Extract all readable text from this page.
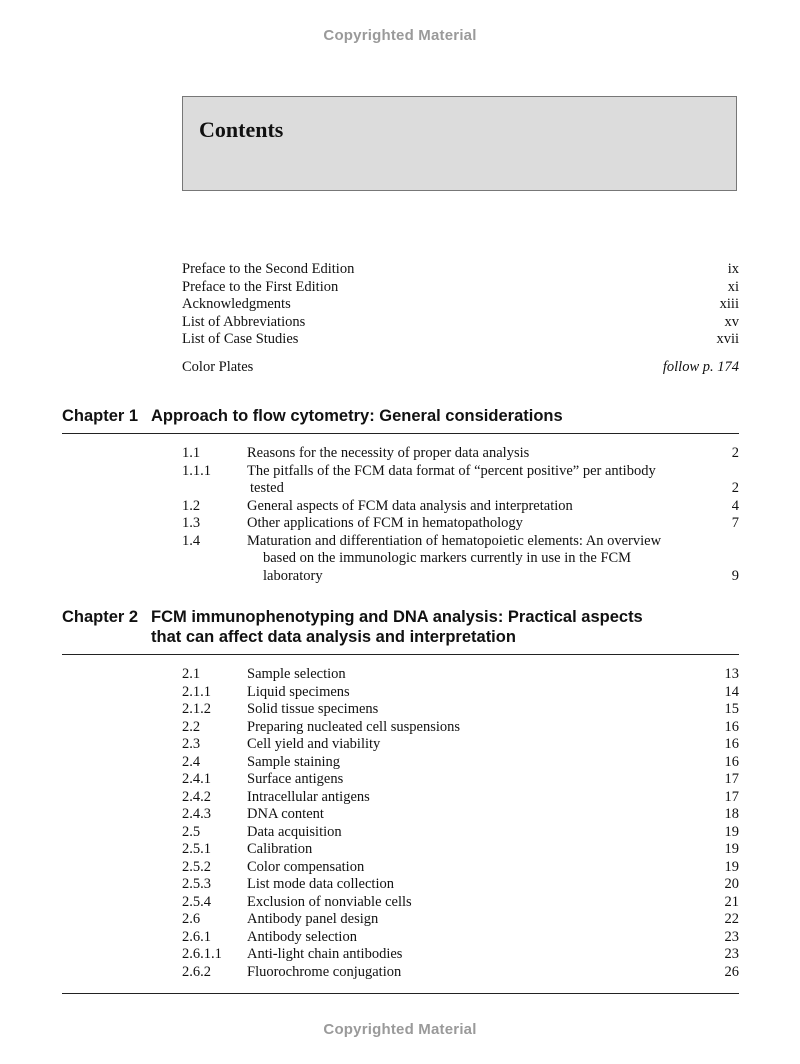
Copyrighted Material
Contents
Preface to the Second Edition	ix
Preface to the First Edition	xi
Acknowledgments	xiii
List of Abbreviations	xv
List of Case Studies	xvii
Color Plates	follow p. 174
Chapter 1 Approach to flow cytometry: General considerations
1.1	Reasons for the necessity of proper data analysis	2
1.1.1	The pitfalls of the FCM data format of “percent positive” per antibody
tested	2
1.2	General aspects of FCM data analysis and interpretation	4
1.3	Other applications of FCM in hematopathology	7
1.4	Maturation and differentiation of hematopoietic elements: An overview
based on the immunologic markers currently in use in the FCM
laboratory	9
Chapter 2 FCM immunophenotyping and DNA analysis: Practical aspects
that can affect data analysis and interpretation
2.1	Sample selection	13
2.1.1	Liquid specimens	14
2.1.2	Solid tissue specimens	15
2.2	Preparing nucleated cell suspensions	16
2.3	Cell yield and viability	16
2.4	Sample staining	16
2.4.1	Surface antigens	17
2.4.2	Intracellular antigens	17
2.4.3	DNA content	18
2.5	Data acquisition	19
2.5.1	Calibration	19
2.5.2	Color compensation	19
2.5.3	List mode data collection	20
2.5.4	Exclusion of nonviable cells	21
2.6	Antibody panel design	22
2.6.1	Antibody selection	23
2.6.1.1	Anti-light chain antibodies	23
2.6.2	Fluorochrome conjugation	26
Copyrighted Material
